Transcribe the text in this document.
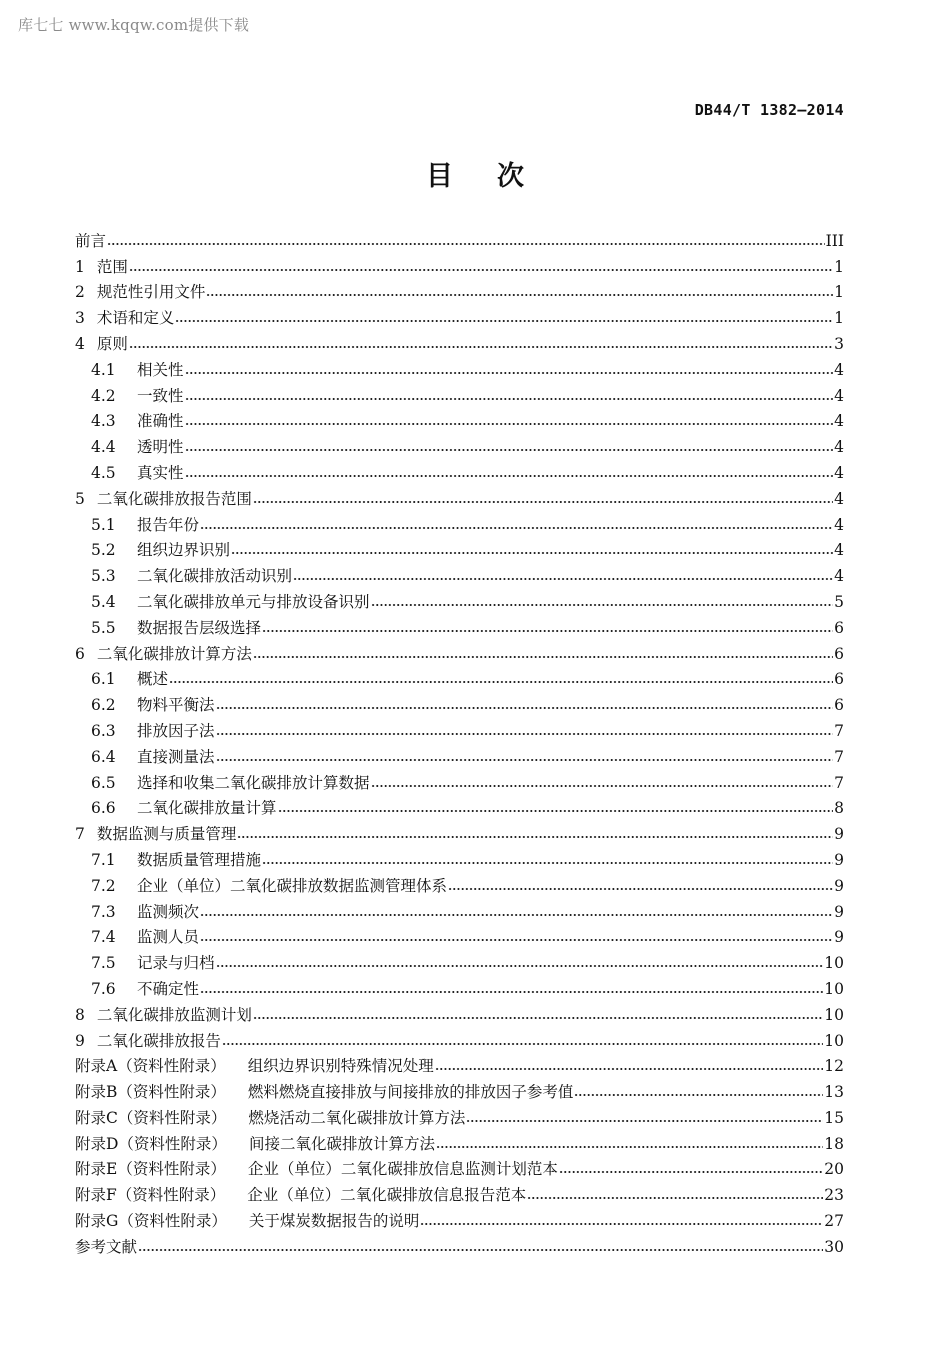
库七七 www.kqqw.com提供下载
DB44/T 1382—2014
目次
前言	III
1 范围	1
2 规范性引用文件	1
3 术语和定义	1
4 原则	3
4.1 相关性	4
4.2 一致性	4
4.3 准确性	4
4.4 透明性	4
4.5 真实性	4
5 二氧化碳排放报告范围	4
5.1 报告年份	4
5.2 组织边界识别	4
5.3 二氧化碳排放活动识别	4
5.4 二氧化碳排放单元与排放设备识别	5
5.5 数据报告层级选择	6
6 二氧化碳排放计算方法	6
6.1 概述	6
6.2 物料平衡法	6
6.3 排放因子法	7
6.4 直接测量法	7
6.5 选择和收集二氧化碳排放计算数据	7
6.6 二氧化碳排放量计算	8
7 数据监测与质量管理	9
7.1 数据质量管理措施	9
7.2 企业（单位）二氧化碳排放数据监测管理体系	9
7.3 监测频次	9
7.4 监测人员	9
7.5 记录与归档	10
7.6 不确定性	10
8 二氧化碳排放监测计划	10
9 二氧化碳排放报告	10
附录A（资料性附录） 组织边界识别特殊情况处理	12
附录B（资料性附录） 燃料燃烧直接排放与间接排放的排放因子参考值	13
附录C（资料性附录） 燃烧活动二氧化碳排放计算方法	15
附录D（资料性附录） 间接二氧化碳排放计算方法	18
附录E（资料性附录） 企业（单位）二氧化碳排放信息监测计划范本	20
附录F（资料性附录） 企业（单位）二氧化碳排放信息报告范本	23
附录G（资料性附录） 关于煤炭数据报告的说明	27
参考文献	30
